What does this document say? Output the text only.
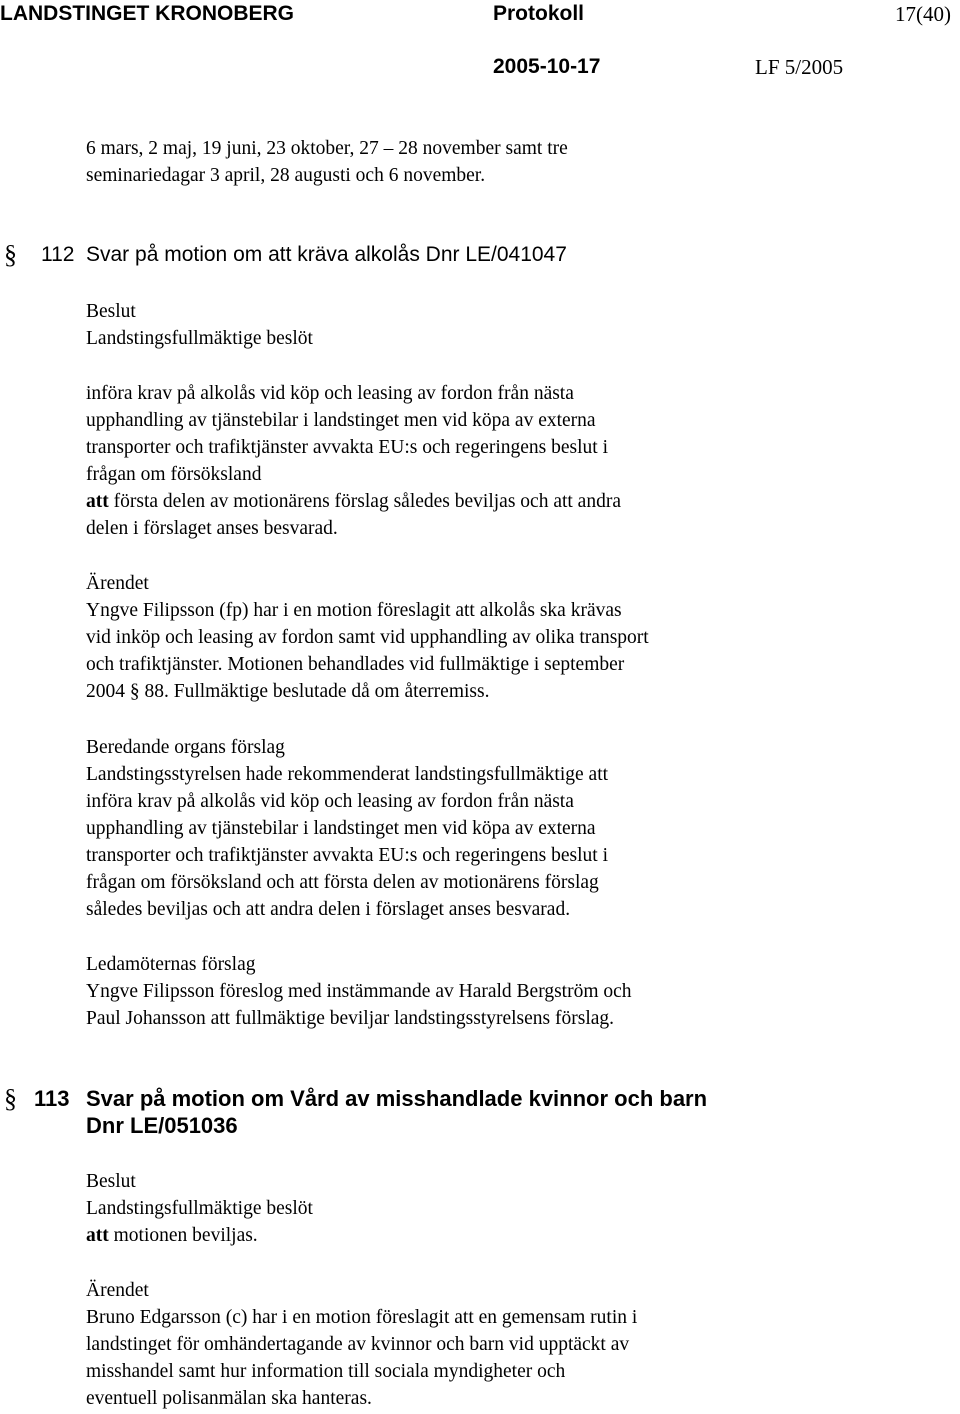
LANDSTINGET KRONOBERG	Protokoll	17(40)
2005-10-17	LF 5/2005
6 mars, 2 maj, 19 juni, 23 oktober, 27 – 28 november samt tre
seminariedagar 3 april, 28 augusti och 6 november.
§ 112 Svar på motion om att kräva alkolås Dnr LE/041047
Beslut
Landstingsfullmäktige beslöt
införa krav på alkolås vid köp och leasing av fordon från nästa
upphandling av tjänstebilar i landstinget men vid köpa av externa
transporter och trafiktjänster avvakta EU:s och regeringens beslut i
frågan om försöksland
att första delen av motionärens förslag således beviljas och att andra
delen i förslaget anses besvarad.
Ärendet
Yngve Filipsson (fp) har i en motion föreslagit att alkolås ska krävas
vid inköp och leasing av fordon samt vid upphandling av olika transport
och trafiktjänster. Motionen behandlades vid fullmäktige i september
2004 § 88. Fullmäktige beslutade då om återremiss.
Beredande organs förslag
Landstingsstyrelsen hade rekommenderat landstingsfullmäktige att
införa krav på alkolås vid köp och leasing av fordon från nästa
upphandling av tjänstebilar i landstinget men vid köpa av externa
transporter och trafiktjänster avvakta EU:s och regeringens beslut i
frågan om försöksland och att första delen av motionärens förslag
således beviljas och att andra delen i förslaget anses besvarad.
Ledamöternas förslag
Yngve Filipsson föreslog med instämmande av Harald Bergström och
Paul Johansson att fullmäktige beviljar landstingsstyrelsens förslag.
§ 113 Svar på motion om Vård av misshandlade kvinnor och barn
Dnr LE/051036
Beslut
Landstingsfullmäktige beslöt
att motionen beviljas.
Ärendet
Bruno Edgarsson (c) har i en motion föreslagit att en gemensam rutin i
landstinget för omhändertagande av kvinnor och barn vid upptäckt av
misshandel samt hur information till sociala myndigheter och
eventuell polisanmälan ska hanteras.
